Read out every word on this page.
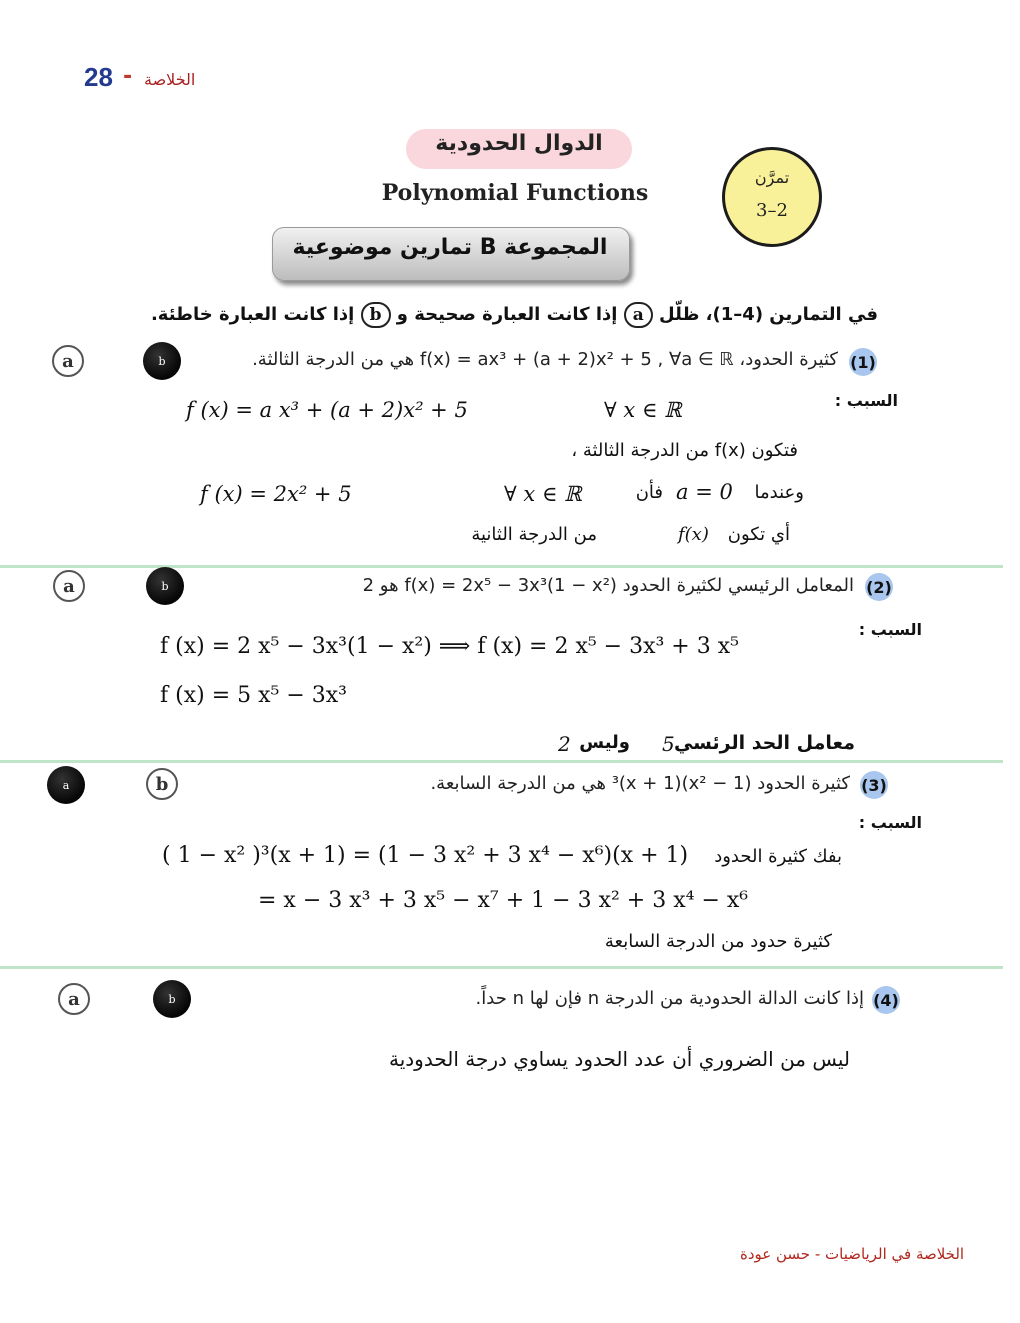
28 - الخلاصة
الدوال الحدودية
Polynomial Functions
المجموعة B تمارين موضوعية
تمرَّن
3–2
في التمارين (4–1)، ظلّل a إذا كانت العبارة صحيحة و b إذا كانت العبارة خاطئة.
a	b	(1)
كثيرة الحدود، f(x) = ax³ + (a + 2)x² + 5 , ∀a ∈ ℝ هي من الدرجة الثالثة.
السبب :
f (x) = a x³ + (a + 2)x² + 5	∀ x ∈ ℝ
فتكون f(x) من الدرجة الثالثة ،
وعندما
a = 0
فأن
∀ x ∈ ℝ
f (x) = 2x² + 5
أي تكون
f(x)
من الدرجة الثانية
a	b	(2)
المعامل الرئيسي لكثيرة الحدود f(x) = 2x⁵ − 3x³(1 − x²) هو 2
السبب :
f (x) = 2 x⁵ − 3x³(1 − x²) ⟹ f (x) = 2 x⁵ − 3x³ + 3 x⁵
f (x) = 5 x⁵ − 3x³
معامل الحد الرئسي
5
وليس
2
a	b	(3)
كثيرة الحدود (1 − x²)³(x + 1) هي من الدرجة السابعة.
السبب :
بفك كثيرة الحدود
( 1 − x² )³(x + 1) = (1 − 3 x² + 3 x⁴ − x⁶)(x + 1)
= x − 3 x³ + 3 x⁵ − x⁷ + 1 − 3 x² + 3 x⁴ − x⁶
كثيرة حدود من الدرجة السابعة
a	b	(4)
إذا كانت الدالة الحدودية من الدرجة n فإن لها n حداً.
ليس من الضروري أن عدد الحدود يساوي درجة الحدودية
الخلاصة في الرياضيات - حسن عودة
